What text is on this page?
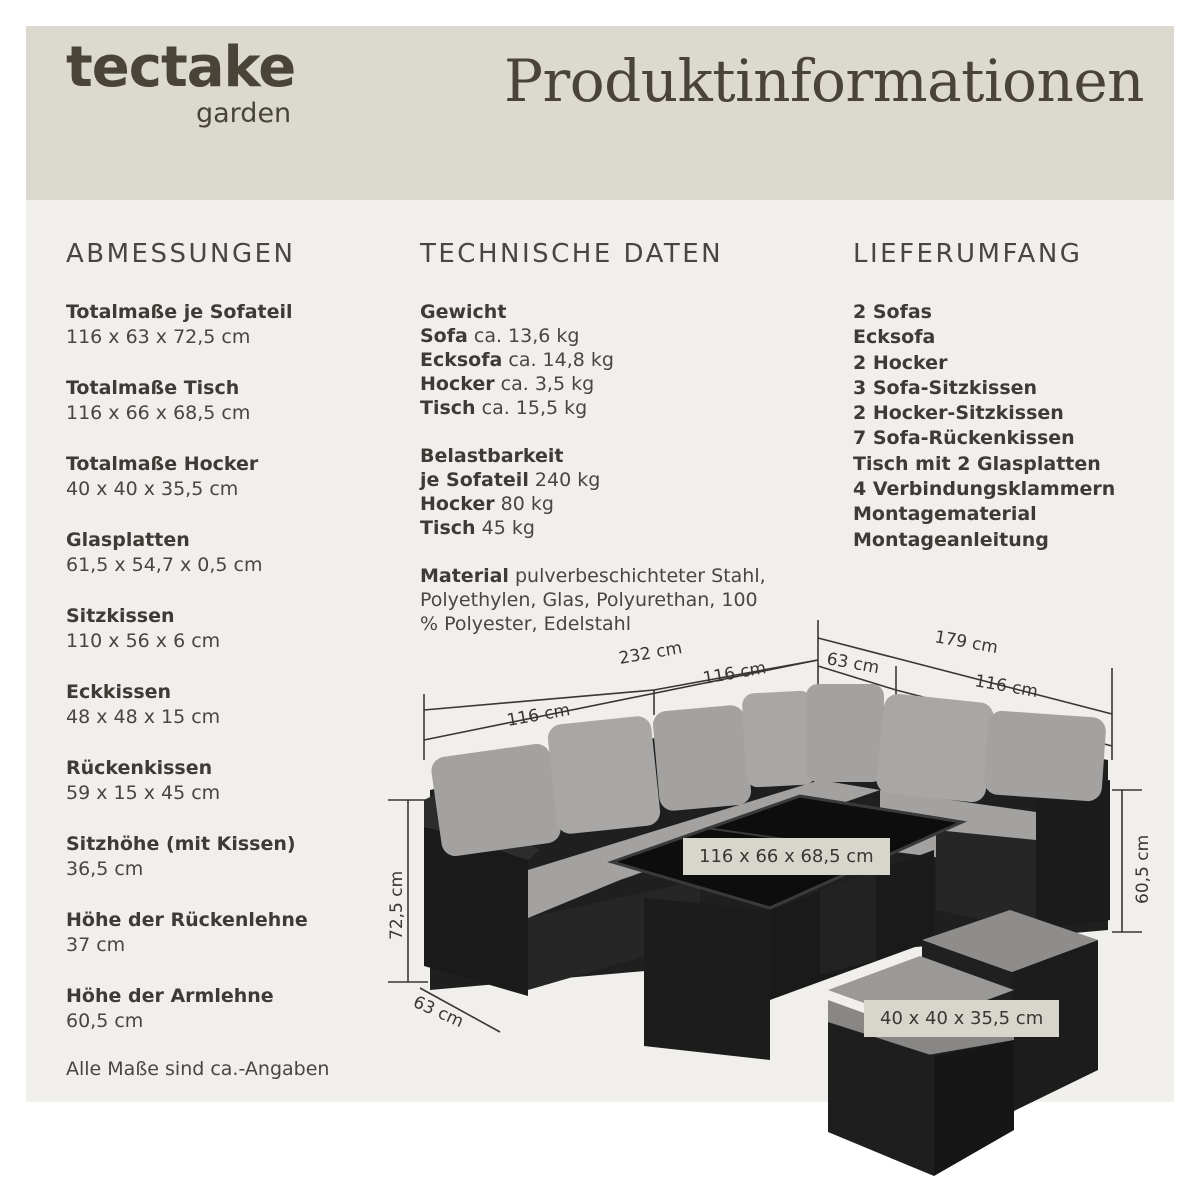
tectake
garden	Produktinformationen
ABMESSUNGEN
Totalmaße je Sofateil
116 x 63 x 72,5 cm
Totalmaße Tisch
116 x 66 x 68,5 cm
Totalmaße Hocker
40 x 40 x 35,5 cm
Glasplatten
61,5 x 54,7 x 0,5 cm
Sitzkissen
110 x 56 x 6 cm
Eckkissen
48 x 48 x 15 cm
Rückenkissen
59 x 15 x 45 cm
Sitzhöhe (mit Kissen)
36,5 cm
Höhe der Rückenlehne
37 cm
Höhe der Armlehne
60,5 cm
Alle Maße sind ca.-Angaben
TECHNISCHE DATEN
Gewicht
Sofa ca. 13,6 kg
Ecksofa ca. 14,8 kg
Hocker ca. 3,5 kg
Tisch ca. 15,5 kg
Belastbarkeit
je Sofateil 240 kg
Hocker 80 kg
Tisch 45 kg
Material pulverbeschichteter Stahl,
Polyethylen, Glas, Polyurethan, 100
% Polyester, Edelstahl
LIEFERUMFANG
2 Sofas
Ecksofa
2 Hocker
3 Sofa-Sitzkissen
2 Hocker-Sitzkissen
7 Sofa-Rückenkissen
Tisch mit 2 Glasplatten
4 Verbindungsklammern
Montagematerial
Montageanleitung
232 cm
116 cm
116 cm	63 cm
179 cm
116 cm
72,5 cm
63 cm
60,5 cm
116 x 66 x 68,5 cm
40 x 40 x 35,5 cm
